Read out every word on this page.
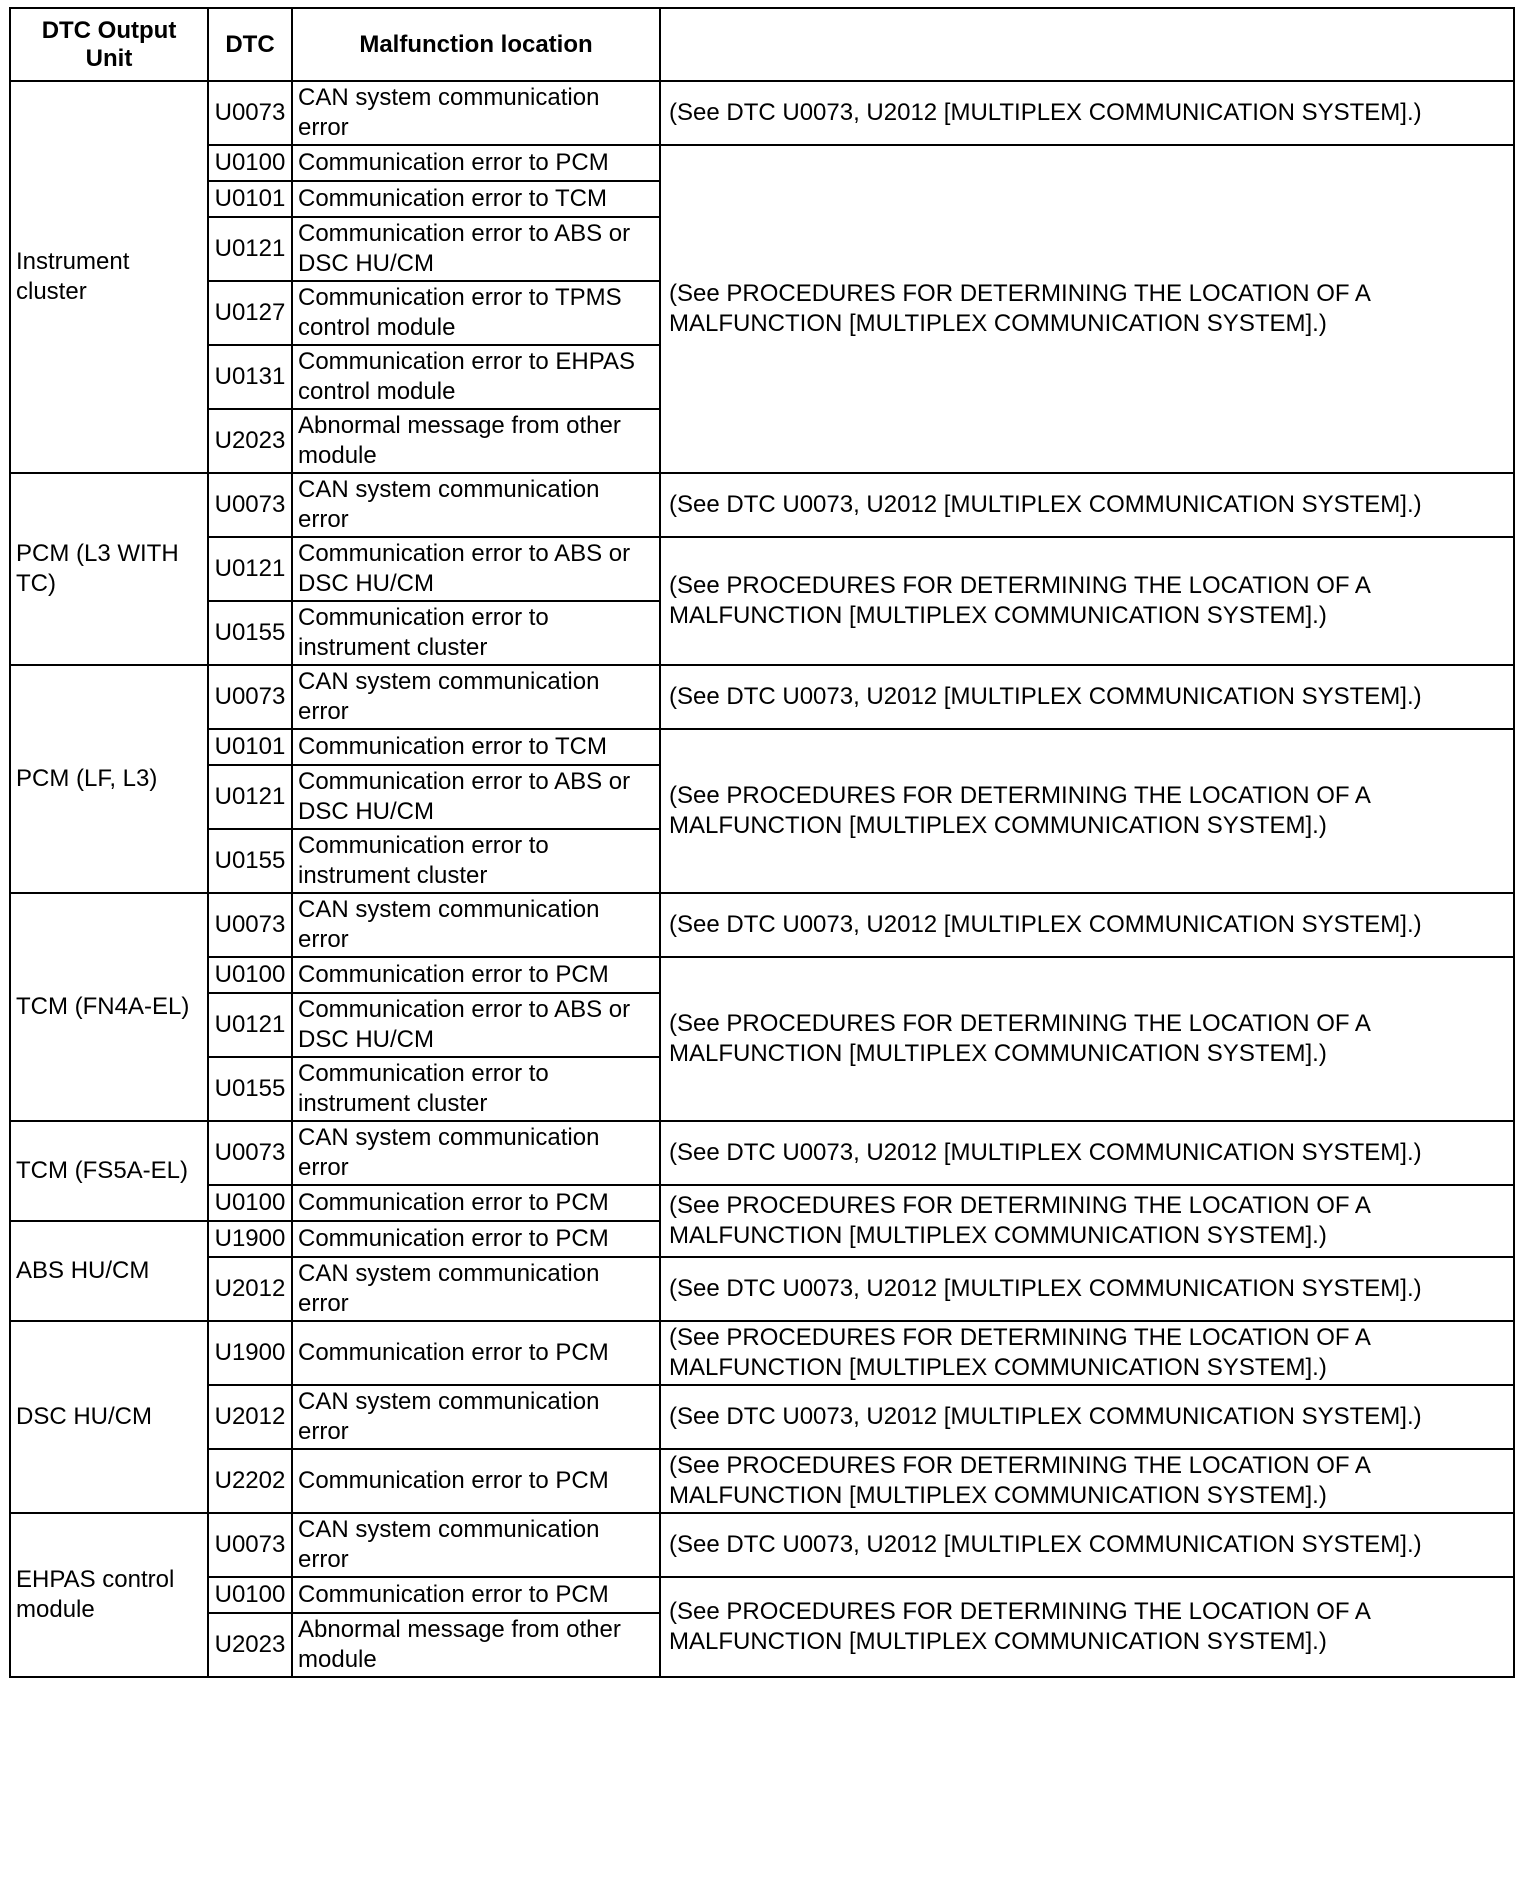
DTC Output Unit	DTC	Malfunction location	
Instrument cluster	U0073	CAN system communication error	(See DTC U0073, U2012 [MULTIPLEX COMMUNICATION SYSTEM].)
	U0100	Communication error to PCM	(See PROCEDURES FOR DETERMINING THE LOCATION OF A MALFUNCTION [MULTIPLEX COMMUNICATION SYSTEM].)
	U0101	Communication error to TCM	
	U0121	Communication error to ABS or DSC HU/CM	
	U0127	Communication error to TPMS control module	
	U0131	Communication error to EHPAS control module	
	U2023	Abnormal message from other module	
PCM (L3 WITH TC)	U0073	CAN system communication error	(See DTC U0073, U2012 [MULTIPLEX COMMUNICATION SYSTEM].)
	U0121	Communication error to ABS or DSC HU/CM	(See PROCEDURES FOR DETERMINING THE LOCATION OF A MALFUNCTION [MULTIPLEX COMMUNICATION SYSTEM].)
	U0155	Communication error to instrument cluster	
PCM (LF, L3)	U0073	CAN system communication error	(See DTC U0073, U2012 [MULTIPLEX COMMUNICATION SYSTEM].)
	U0101	Communication error to TCM	(See PROCEDURES FOR DETERMINING THE LOCATION OF A MALFUNCTION [MULTIPLEX COMMUNICATION SYSTEM].)
	U0121	Communication error to ABS or DSC HU/CM	
	U0155	Communication error to instrument cluster	
TCM (FN4A-EL)	U0073	CAN system communication error	(See DTC U0073, U2012 [MULTIPLEX COMMUNICATION SYSTEM].)
	U0100	Communication error to PCM	(See PROCEDURES FOR DETERMINING THE LOCATION OF A MALFUNCTION [MULTIPLEX COMMUNICATION SYSTEM].)
	U0121	Communication error to ABS or DSC HU/CM	
	U0155	Communication error to instrument cluster	
TCM (FS5A-EL)	U0073	CAN system communication error	(See DTC U0073, U2012 [MULTIPLEX COMMUNICATION SYSTEM].)
	U0100	Communication error to PCM	(See PROCEDURES FOR DETERMINING THE LOCATION OF A MALFUNCTION [MULTIPLEX COMMUNICATION SYSTEM].)
ABS HU/CM	U1900	Communication error to PCM	
	U2012	CAN system communication error	(See DTC U0073, U2012 [MULTIPLEX COMMUNICATION SYSTEM].)
DSC HU/CM	U1900	Communication error to PCM	(See PROCEDURES FOR DETERMINING THE LOCATION OF A MALFUNCTION [MULTIPLEX COMMUNICATION SYSTEM].)
	U2012	CAN system communication error	(See DTC U0073, U2012 [MULTIPLEX COMMUNICATION SYSTEM].)
	U2202	Communication error to PCM	(See PROCEDURES FOR DETERMINING THE LOCATION OF A MALFUNCTION [MULTIPLEX COMMUNICATION SYSTEM].)
EHPAS control module	U0073	CAN system communication error	(See DTC U0073, U2012 [MULTIPLEX COMMUNICATION SYSTEM].)
	U0100	Communication error to PCM	(See PROCEDURES FOR DETERMINING THE LOCATION OF A MALFUNCTION [MULTIPLEX COMMUNICATION SYSTEM].)
	U2023	Abnormal message from other module	
